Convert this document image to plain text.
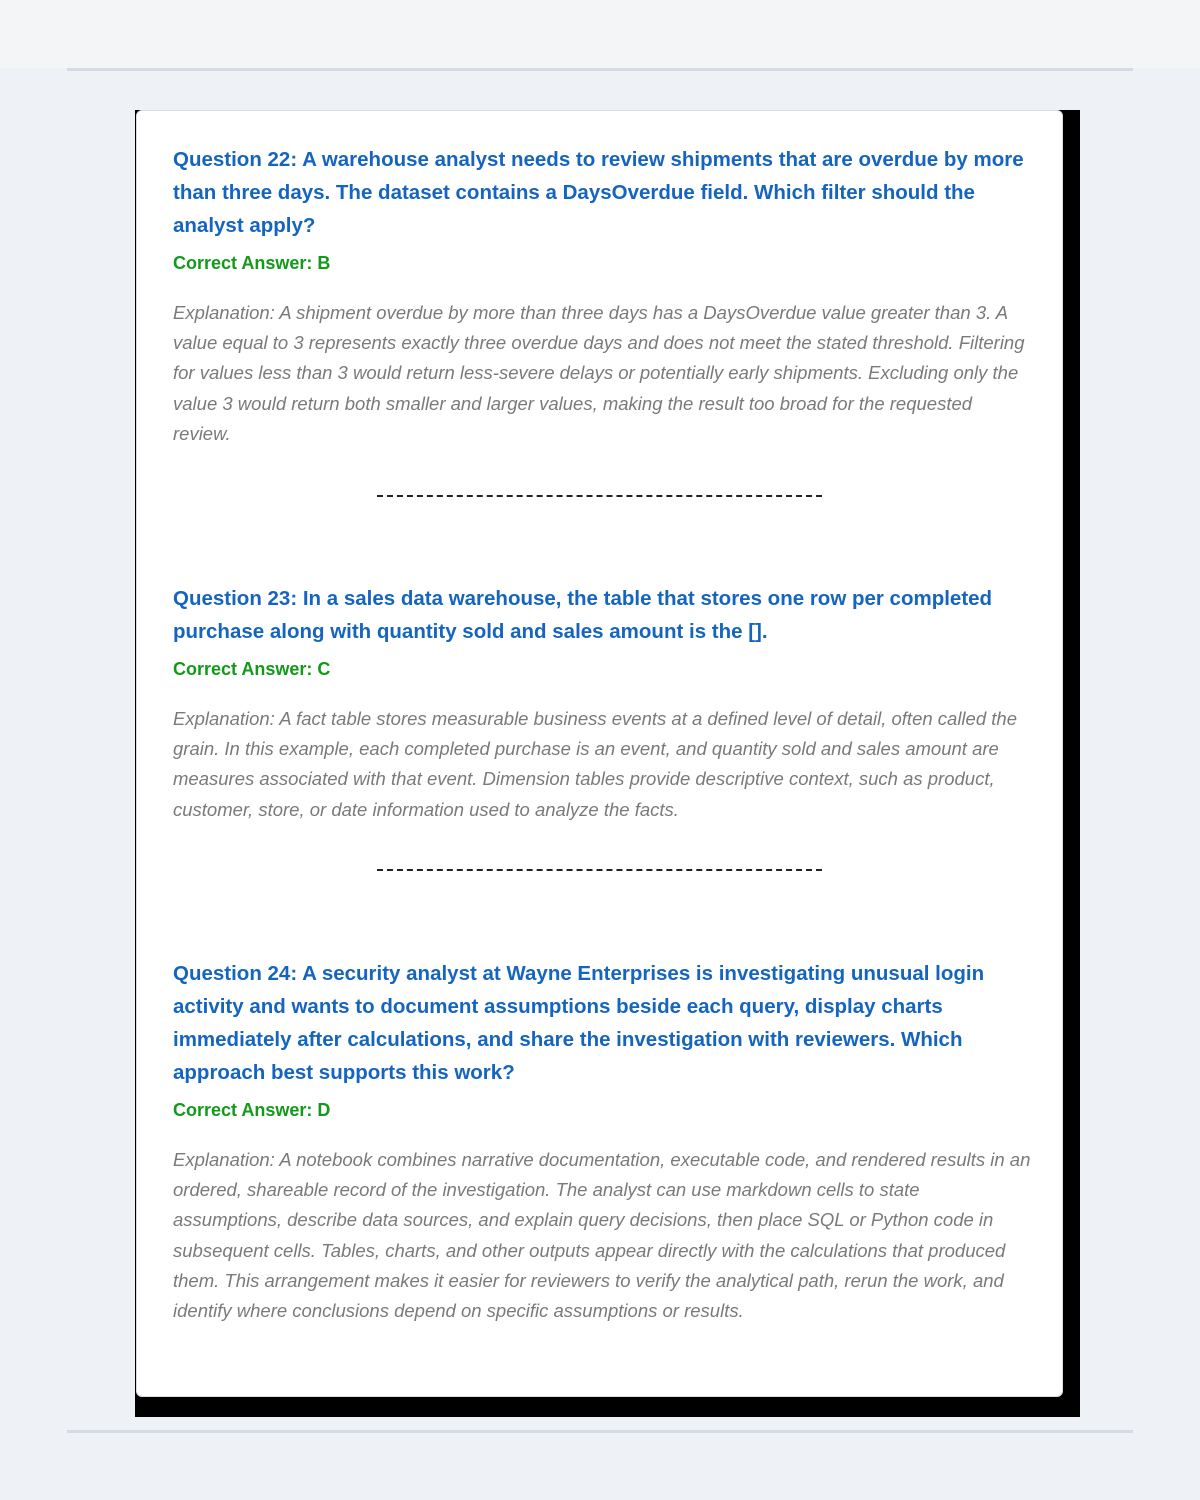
Question 22: A warehouse analyst needs to review shipments that are overdue by more than three days. The dataset contains a DaysOverdue field. Which filter should the analyst apply?

Correct Answer: B

Explanation: A shipment overdue by more than three days has a DaysOverdue value greater than 3. A value equal to 3 represents exactly three overdue days and does not meet the stated threshold. Filtering for values less than 3 would return less-severe delays or potentially early shipments. Excluding only the value 3 would return both smaller and larger values, making the result too broad for the requested review.

Question 23: In a sales data warehouse, the table that stores one row per completed purchase along with quantity sold and sales amount is the [].

Correct Answer: C

Explanation: A fact table stores measurable business events at a defined level of detail, often called the grain. In this example, each completed purchase is an event, and quantity sold and sales amount are measures associated with that event. Dimension tables provide descriptive context, such as product, customer, store, or date information used to analyze the facts.

Question 24: A security analyst at Wayne Enterprises is investigating unusual login activity and wants to document assumptions beside each query, display charts immediately after calculations, and share the investigation with reviewers. Which approach best supports this work?

Correct Answer: D

Explanation: A notebook combines narrative documentation, executable code, and rendered results in an ordered, shareable record of the investigation. The analyst can use markdown cells to state assumptions, describe data sources, and explain query decisions, then place SQL or Python code in subsequent cells. Tables, charts, and other outputs appear directly with the calculations that produced them. This arrangement makes it easier for reviewers to verify the analytical path, rerun the work, and identify where conclusions depend on specific assumptions or results.
